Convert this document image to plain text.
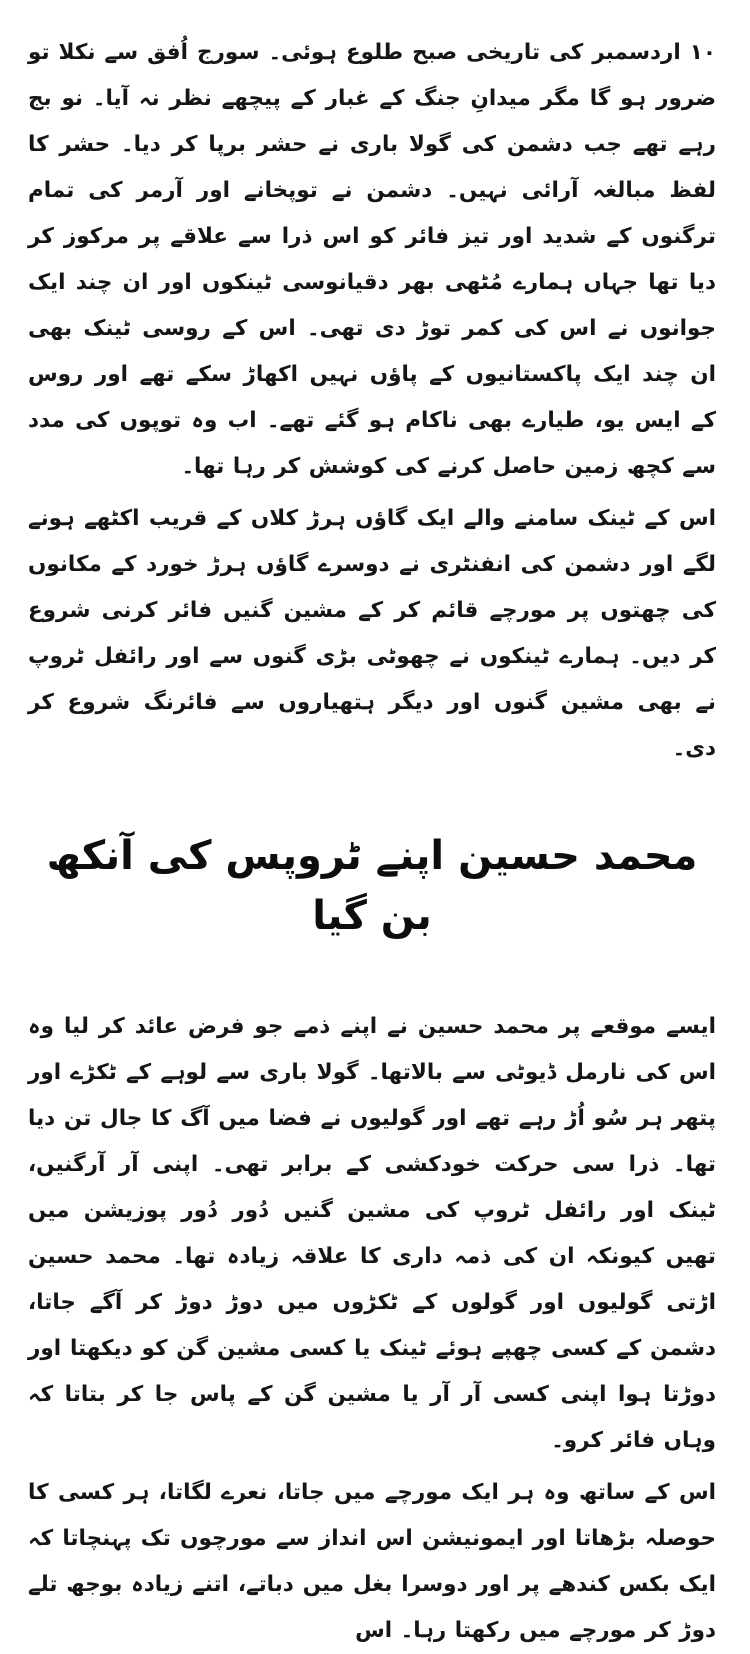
۱۰ اردسمبر کی تاریخی صبح طلوع ہوئی۔ سورج اُفق سے نکلا تو ضرور ہو گا مگر میدانِ جنگ کے غبار کے پیچھے نظر نہ آیا۔ نو بج رہے تھے جب دشمن کی گولا باری نے حشر برپا کر دیا۔ حشر کا لفظ مبالغہ آرائی نہیں۔ دشمن نے توپخانے اور آرمر کی تمام ترگنوں کے شدید اور تیز فائر کو اس ذرا سے علاقے پر مرکوز کر دیا تھا جہاں ہمارے مُٹھی بھر دقیانوسی ٹینکوں اور ان چند ایک جوانوں نے اس کی کمر توڑ دی تھی۔ اس کے روسی ٹینک بھی ان چند ایک پاکستانیوں کے پاؤں نہیں اکھاڑ سکے تھے اور روس کے ایس یو، طیارے بھی ناکام ہو گئے تھے۔ اب وہ توپوں کی مدد سے کچھ زمین حاصل کرنے کی کوشش کر رہا تھا۔

اس کے ٹینک سامنے والے ایک گاؤں ہرڑ کلاں کے قریب اکٹھے ہونے لگے اور دشمن کی انفنٹری نے دوسرے گاؤں ہرڑ خورد کے مکانوں کی چھتوں پر مورچے قائم کر کے مشین گنیں فائر کرنی شروع کر دیں۔ ہمارے ٹینکوں نے چھوٹی بڑی گنوں سے اور رائفل ٹروپ نے بھی مشین گنوں اور دیگر ہتھیاروں سے فائرنگ شروع کر دی۔

محمد حسین اپنے ٹروپس کی آنکھ بن گیا

ایسے موقعے پر محمد حسین نے اپنے ذمے جو فرض عائد کر لیا وہ اس کی نارمل ڈیوٹی سے بالاتھا۔ گولا باری سے لوہے کے ٹکڑے اور پتھر ہر سُو اُڑ رہے تھے اور گولیوں نے فضا میں آگ کا جال تن دیا تھا۔ ذرا سی حرکت خودکشی کے برابر تھی۔ اپنی آر آرگنیں، ٹینک اور رائفل ٹروپ کی مشین گنیں دُور دُور پوزیشن میں تھیں کیونکہ ان کی ذمہ داری کا علاقہ زیادہ تھا۔ محمد حسین اڑتی گولیوں اور گولوں کے ٹکڑوں میں دوڑ دوڑ کر آگے جاتا، دشمن کے کسی چھپے ہوئے ٹینک یا کسی مشین گن کو دیکھتا اور دوڑتا ہوا اپنی کسی آر آر یا مشین گن کے پاس جا کر بتاتا کہ وہاں فائر کرو۔

اس کے ساتھ وہ ہر ایک مورچے میں جاتا، نعرے لگاتا، ہر کسی کا حوصلہ بڑھاتا اور ایمونیشن اس انداز سے مورچوں تک پہنچاتا کہ ایک بکس کندھے پر اور دوسرا بغل میں دباتے، اتنے زیادہ بوجھ تلے دوڑ کر مورچے میں رکھتا رہا۔ اس
